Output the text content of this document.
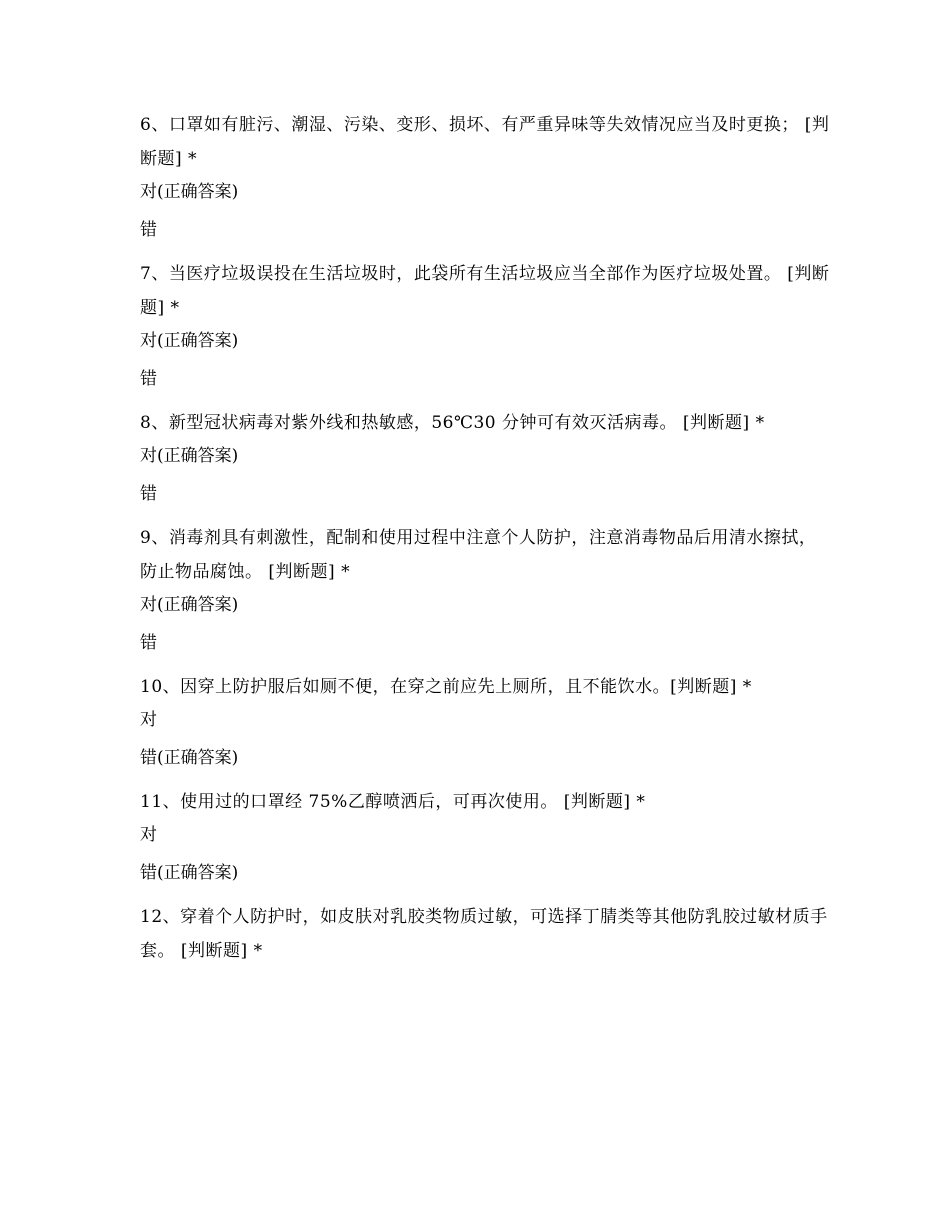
6、口罩如有脏污、潮湿、污染、变形、损坏、有严重异味等失效情况应当及时更换； [判断题] *

对(正确答案)

错

7、当医疗垃圾误投在生活垃圾时，此袋所有生活垃圾应当全部作为医疗垃圾处置。 [判断题] *

对(正确答案)

错

8、新型冠状病毒对紫外线和热敏感，56℃30 分钟可有效灭活病毒。 [判断题] *

对(正确答案)

错

9、消毒剂具有刺激性，配制和使用过程中注意个人防护，注意消毒物品后用清水擦拭，防止物品腐蚀。 [判断题] *

对(正确答案)

错

10、因穿上防护服后如厕不便，在穿之前应先上厕所，且不能饮水。[判断题] *

对

错(正确答案)

11、使用过的口罩经 75%乙醇喷洒后，可再次使用。 [判断题] *

对

错(正确答案)

12、穿着个人防护时，如皮肤对乳胶类物质过敏，可选择丁腈类等其他防乳胶过敏材质手套。 [判断题] *
